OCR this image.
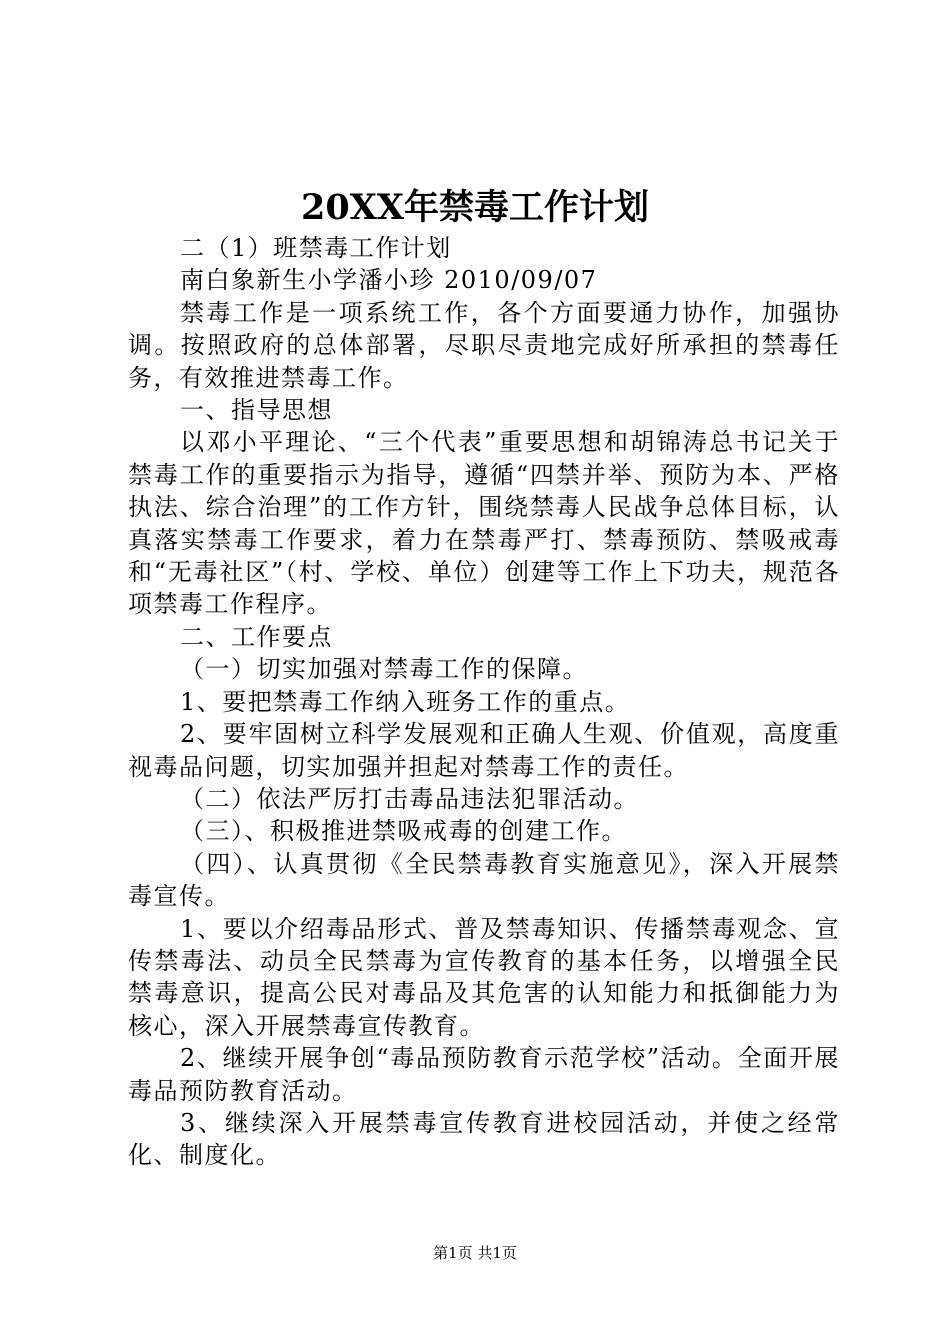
20XX年禁毒工作计划

二（1）班禁毒工作计划

南白象新生小学潘小珍 2010/09/07

禁毒工作是一项系统工作，各个方面要通力协作，加强协调。按照政府的总体部署，尽职尽责地完成好所承担的禁毒任务，有效推进禁毒工作。

一、指导思想

以邓小平理论、“三个代表”重要思想和胡锦涛总书记关于禁毒工作的重要指示为指导，遵循“四禁并举、预防为本、严格执法、综合治理”的工作方针，围绕禁毒人民战争总体目标，认真落实禁毒工作要求，着力在禁毒严打、禁毒预防、禁吸戒毒和“无毒社区”（村、学校、单位）创建等工作上下功夫，规范各项禁毒工作程序。

二、工作要点

（一）切实加强对禁毒工作的保障。

1、要把禁毒工作纳入班务工作的重点。

2、要牢固树立科学发展观和正确人生观、价值观，高度重视毒品问题，切实加强并担起对禁毒工作的责任。

（二）依法严厉打击毒品违法犯罪活动。

（三）、积极推进禁吸戒毒的创建工作。

（四）、认真贯彻《全民禁毒教育实施意见》，深入开展禁毒宣传。

1、要以介绍毒品形式、普及禁毒知识、传播禁毒观念、宣传禁毒法、动员全民禁毒为宣传教育的基本任务，以增强全民禁毒意识，提高公民对毒品及其危害的认知能力和抵御能力为核心，深入开展禁毒宣传教育。

2、继续开展争创“毒品预防教育示范学校”活动。全面开展毒品预防教育活动。

3、继续深入开展禁毒宣传教育进校园活动，并使之经常化、制度化。

第1页 共1页
